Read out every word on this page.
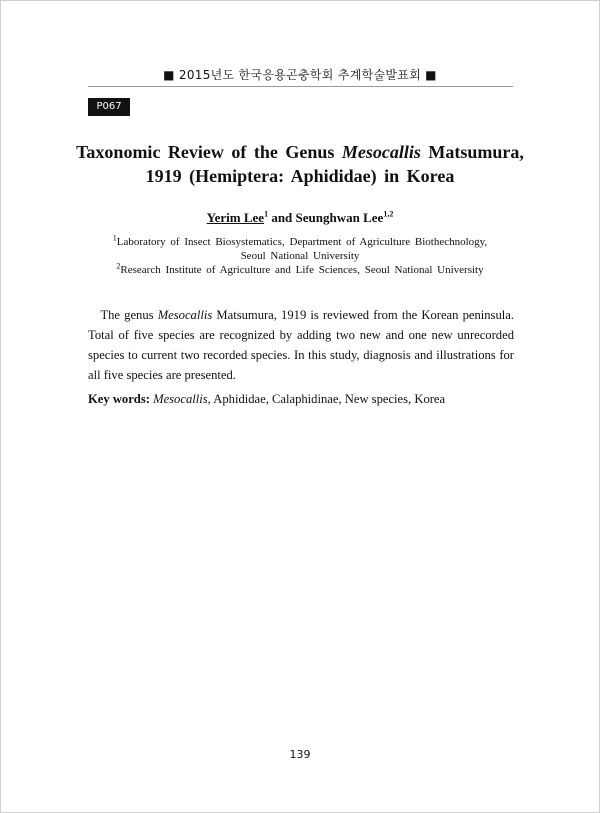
■ 2015년도 한국응용곤충학회 추계학술발표회 ■
P067
Taxonomic Review of the Genus Mesocallis Matsumura,
1919 (Hemiptera: Aphididae) in Korea
Yerim Lee$^1$ and Seunghwan Lee$^{1,2}$
$^1$Laboratory of Insect Biosystematics, Department of Agriculture Biothechnology,
Seoul National University
$^2$Research Institute of Agriculture and Life Sciences, Seoul National University
The genus Mesocallis Matsumura, 1919 is reviewed from the Korean peninsula. Total of five species are recognized by adding two new and one new unrecorded species to current two recorded species. In this study, diagnosis and illustrations for all five species are presented.
Key words: Mesocallis, Aphididae, Calaphidinae, New species, Korea
139
